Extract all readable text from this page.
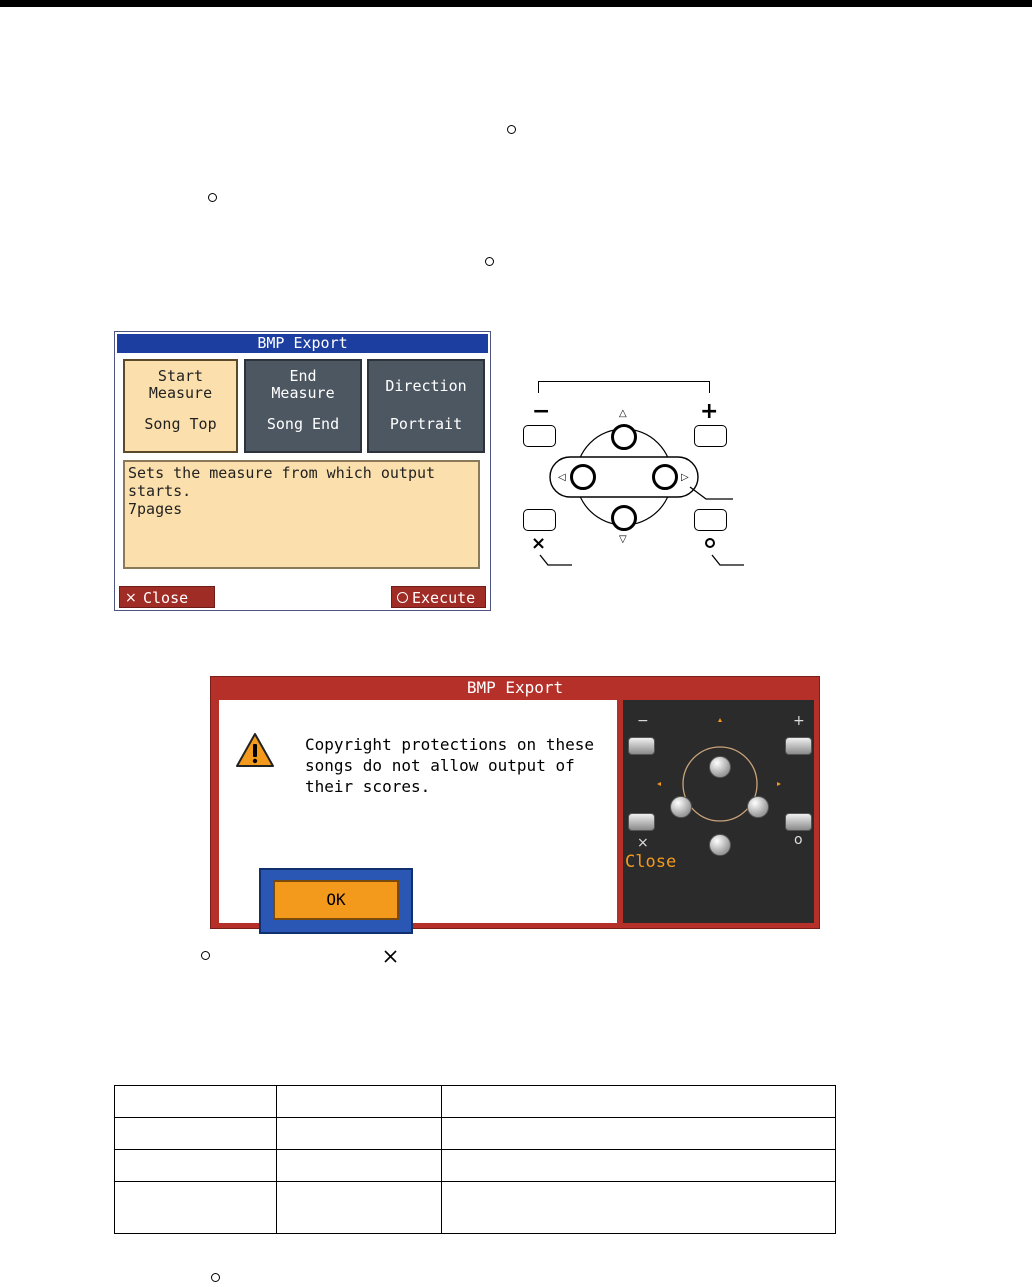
BMP Export
Start
Measure
Song Top
End
Measure
Song End
Direction
Portrait
Sets the measure from which output
starts.
7pages
× Close	Execute
−	+
△
▽
◁	▷
×
BMP Export
Copyright protections on these
songs do not allow output of
their scores.
OK
−	+
×	o
Close
